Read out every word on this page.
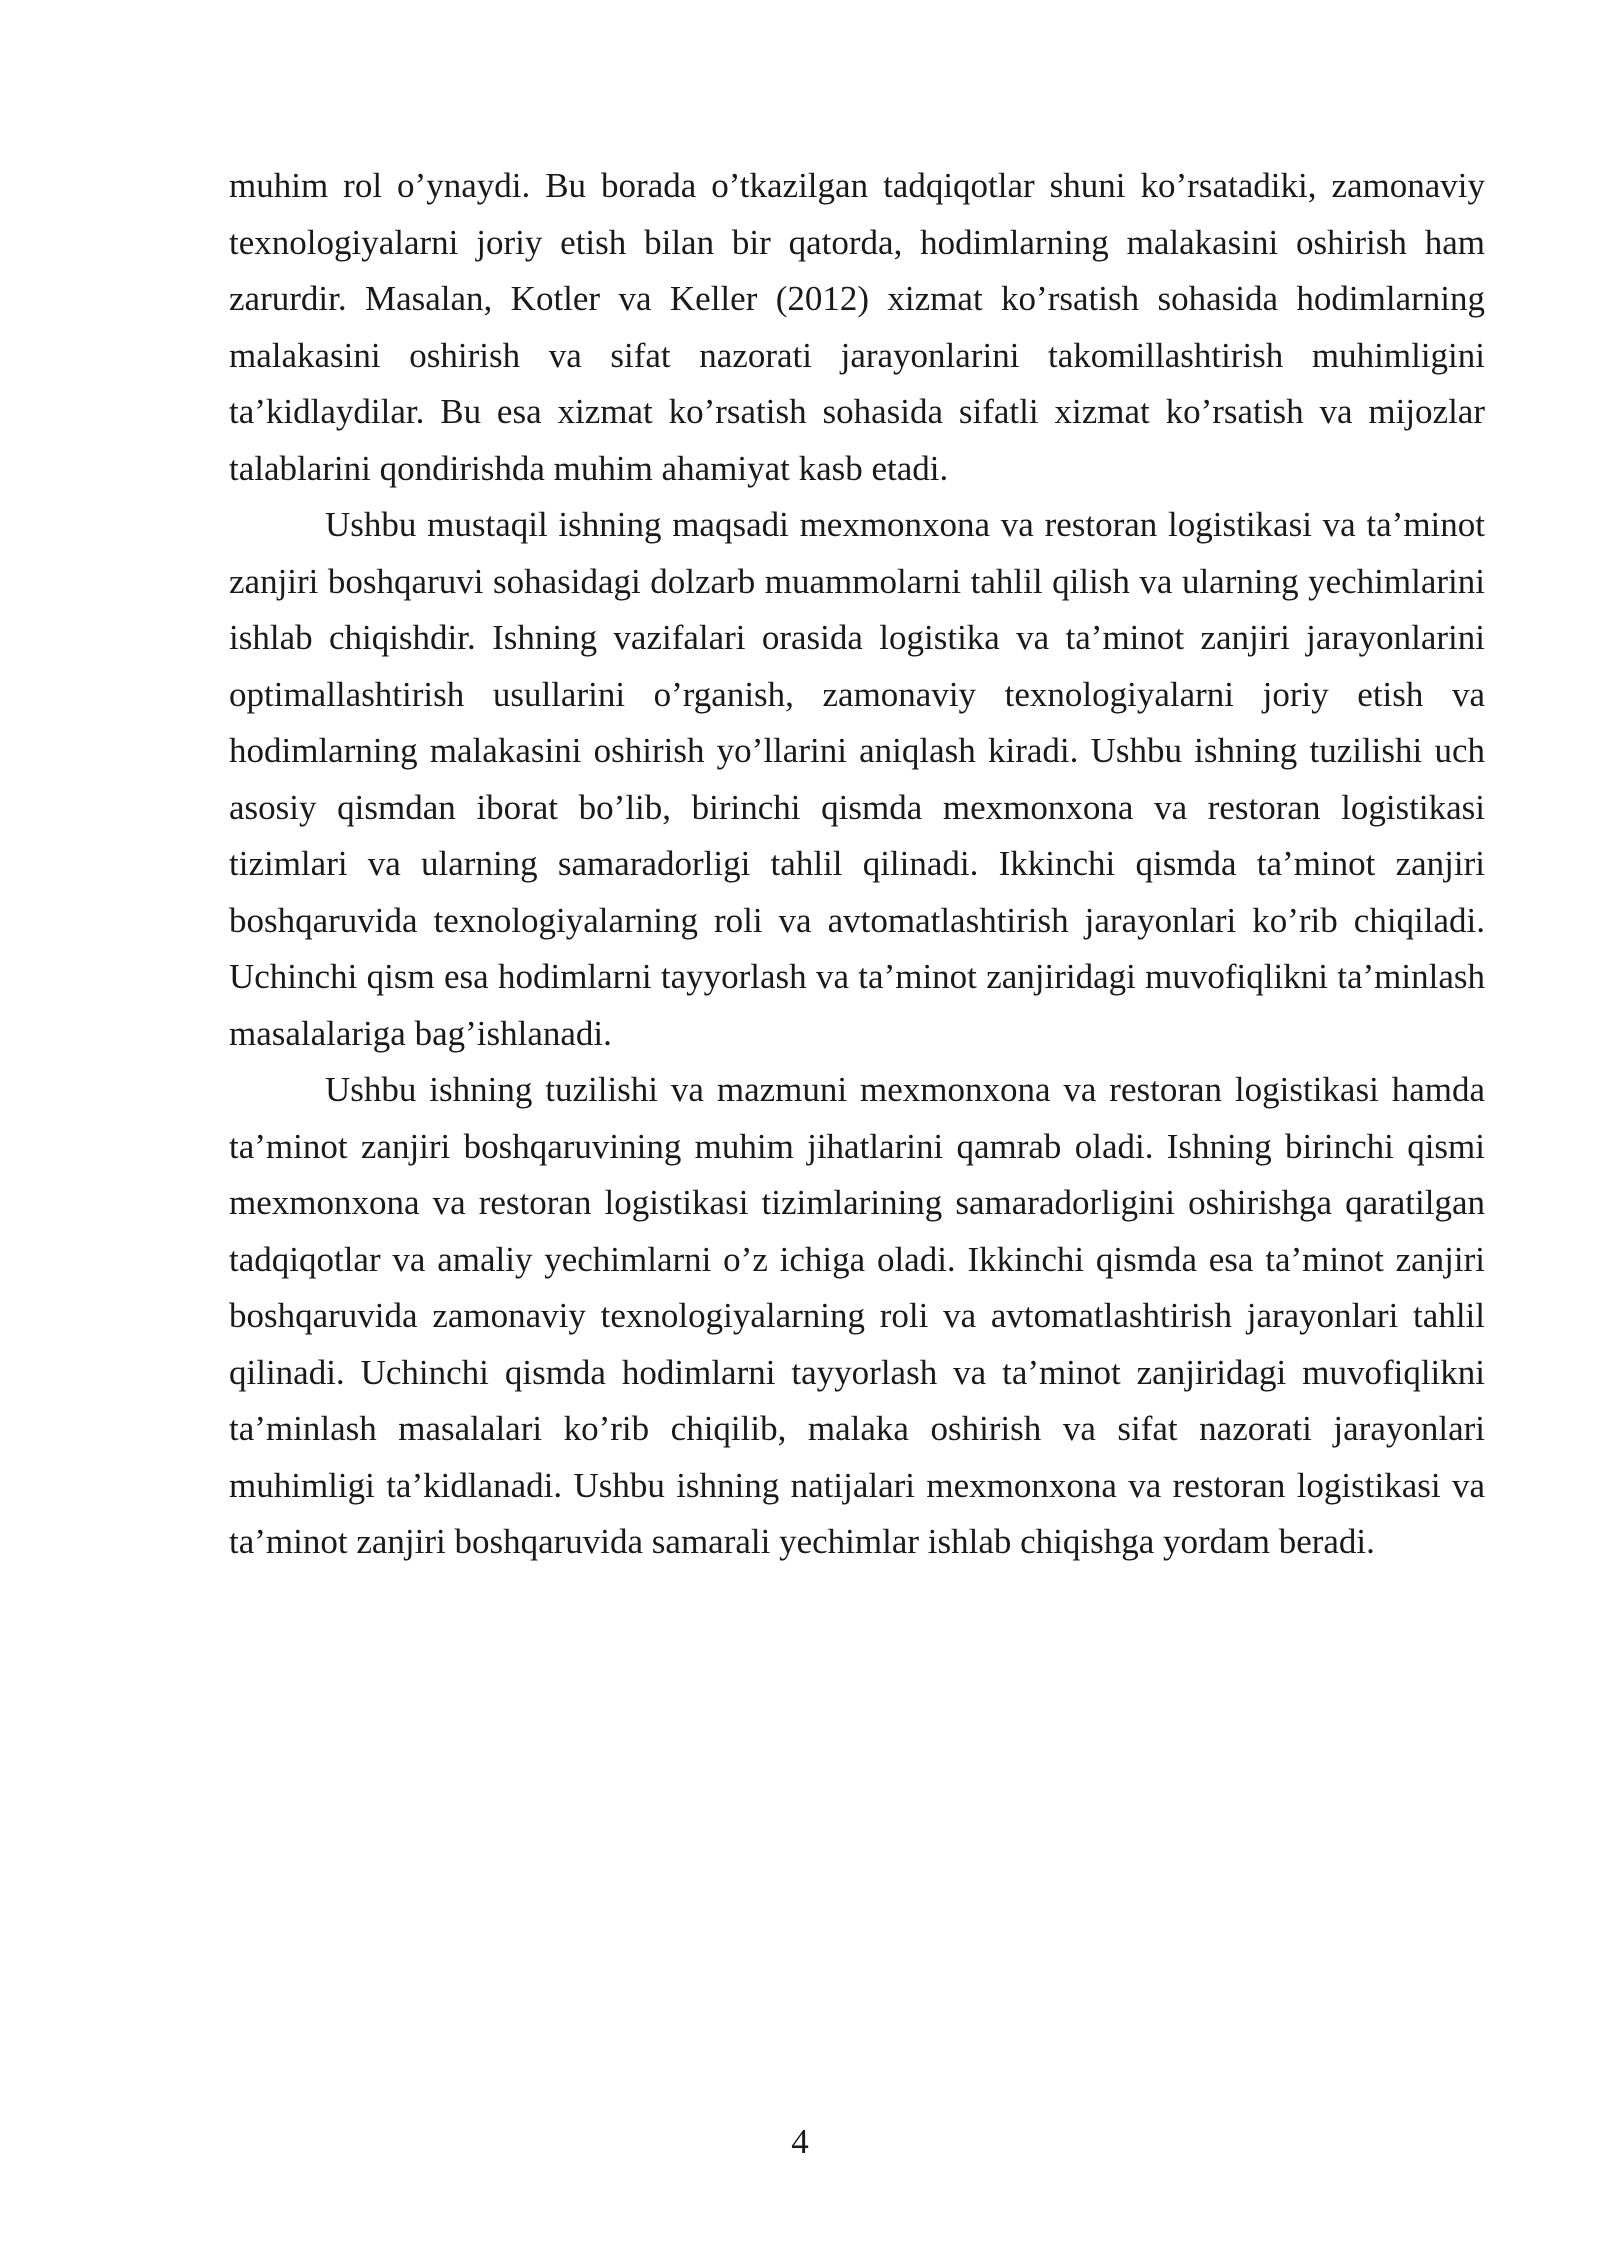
muhim rol o’ynaydi. Bu borada o’tkazilgan tadqiqotlar shuni ko’rsatadiki, zamonaviy texnologiyalarni joriy etish bilan bir qatorda, hodimlarning malakasini oshirish ham zarurdir. Masalan, Kotler va Keller (2012) xizmat ko’rsatish sohasida hodimlarning malakasini oshirish va sifat nazorati jarayonlarini takomillashtirish muhimligini ta’kidlaydilar. Bu esa xizmat ko’rsatish sohasida sifatli xizmat ko’rsatish va mijozlar talablarini qondirishda muhim ahamiyat kasb etadi.

Ushbu mustaqil ishning maqsadi mexmonxona va restoran logistikasi va ta’minot zanjiri boshqaruvi sohasidagi dolzarb muammolarni tahlil qilish va ularning yechimlarini ishlab chiqishdir. Ishning vazifalari orasida logistika va ta’minot zanjiri jarayonlarini optimallashtirish usullarini o’rganish, zamonaviy texnologiyalarni joriy etish va hodimlarning malakasini oshirish yo’llarini aniqlash kiradi. Ushbu ishning tuzilishi uch asosiy qismdan iborat bo’lib, birinchi qismda mexmonxona va restoran logistikasi tizimlari va ularning samaradorligi tahlil qilinadi. Ikkinchi qismda ta’minot zanjiri boshqaruvida texnologiyalarning roli va avtomatlashtirish jarayonlari ko’rib chiqiladi. Uchinchi qism esa hodimlarni tayyorlash va ta’minot zanjiridagi muvofiqlikni ta’minlash masalalariga bag’ishlanadi.

Ushbu ishning tuzilishi va mazmuni mexmonxona va restoran logistikasi hamda ta’minot zanjiri boshqaruvining muhim jihatlarini qamrab oladi. Ishning birinchi qismi mexmonxona va restoran logistikasi tizimlarining samaradorligini oshirishga qaratilgan tadqiqotlar va amaliy yechimlarni o’z ichiga oladi. Ikkinchi qismda esa ta’minot zanjiri boshqaruvida zamonaviy texnologiyalarning roli va avtomatlashtirish jarayonlari tahlil qilinadi. Uchinchi qismda hodimlarni tayyorlash va ta’minot zanjiridagi muvofiqlikni ta’minlash masalalari ko’rib chiqilib, malaka oshirish va sifat nazorati jarayonlari muhimligi ta’kidlanadi. Ushbu ishning natijalari mexmonxona va restoran logistikasi va ta’minot zanjiri boshqaruvida samarali yechimlar ishlab chiqishga yordam beradi.

4
